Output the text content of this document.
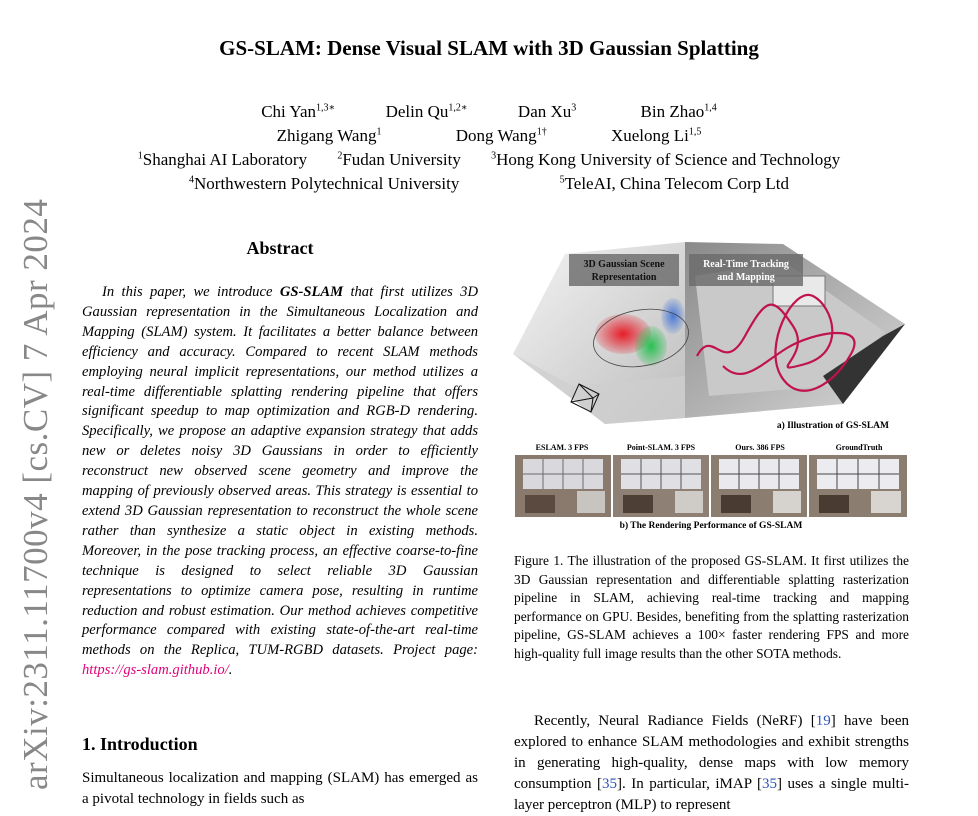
GS-SLAM: Dense Visual SLAM with 3D Gaussian Splatting
Chi Yan$^{1,3∗}$	Delin $Qu^{1,2∗}$	Dan Xu$^3$	Bin Zhao$^{1,4}$
Zhigang Wang$^1$	Dong Wang$^{1\dagger}$	Xuelong Li$^{1,5}$
$^1$Shanghai AI Laboratory	$^2$Fudan University	$^3$Hong Kong University of Science and Technology
$^4$Northwestern Polytechnical University	$^5$TeleAI, China Telecom Corp Ltd
arXiv:2311.11700v4 [cs.CV] 7 Apr 2024	Abstract

In this paper, we introduce GS-SLAM that first utilizes 3D Gaussian representation in the Simultaneous Localization and Mapping (SLAM) system. It facilitates a better balance between efficiency and accuracy. Compared to recent SLAM methods employing neural implicit representations, our method utilizes a real-time differentiable splatting rendering pipeline that offers significant speedup to map optimization and RGB-D rendering. Specifically, we propose an adaptive expansion strategy that adds new or deletes noisy 3D Gaussians in order to efficiently reconstruct new observed scene geometry and improve the mapping of previously observed areas. This strategy is essential to extend 3D Gaussian representation to reconstruct the whole scene rather than synthesize a static object in existing methods. Moreover, in the pose tracking process, an effective coarse-to-fine technique is designed to select reliable 3D Gaussian representations to optimize camera pose, resulting in runtime reduction and robust estimation. Our method achieves competitive performance compared with existing state-of-the-art real-time methods on the Replica, TUM-RGBD datasets. Project page: https://gs-slam.github.io/.

1. Introduction
Simultaneous localization and mapping (SLAM) has emerged as a pivotal technology in fields such as
3D Gaussian Scene
Representation
Real-Time Tracking
and Mapping
a) Illustration of GS-SLAM
ESLAM. 3 FPS	Point-SLAM. 3 FPS	Ours. 386 FPS	GroundTruth
b) The Rendering Performance of GS-SLAM
Figure 1. The illustration of the proposed GS-SLAM. It first utilizes the 3D Gaussian representation and differentiable splatting rasterization pipeline in SLAM, achieving real-time tracking and mapping performance on GPU. Besides, benefiting from the splatting rasterization pipeline, GS-SLAM achieves a 100× faster rendering FPS and more high-quality full image results than the other SOTA methods.

Recently, Neural Radiance Fields (NeRF) [19] have been explored to enhance SLAM methodologies and exhibit strengths in generating high-quality, dense maps with low memory consumption [35]. In particular, iMAP [35] uses a single multi-layer perceptron (MLP) to represent
